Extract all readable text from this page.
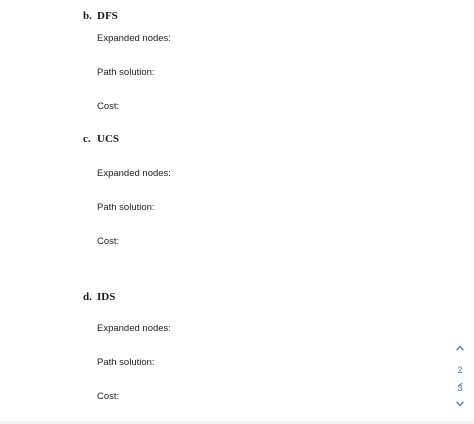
b. DFS
Expanded nodes:
Path solution:
Cost:
c. UCS
Expanded nodes:
Path solution:
Cost:
d. IDS
Expanded nodes:
Path solution:
Cost:
2
3
